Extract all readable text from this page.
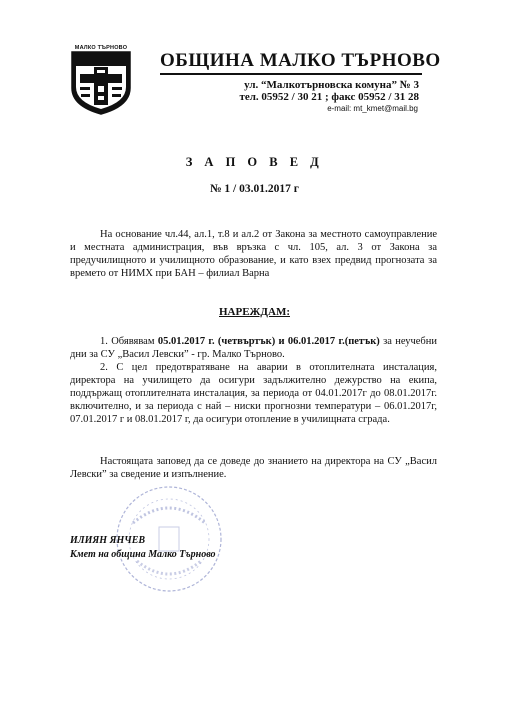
МАЛКО ТЪРНОВО
ОБЩИНА МАЛКО ТЪРНОВО
ул. “Малкотърновска комуна” № 3
тел. 05952 / 30 21 ; факс 05952 / 31 28
e-mail: mt_kmet@mail.bg
З А П О В Е Д
№ 1 / 03.01.2017 г
На основание чл.44, ал.1, т.8 и ал.2 от Закона за местното самоуправление и местната администрация, във връзка с чл. 105, ал. 3 от Закона за предучилищното и училищното образование, и като взех предвид прогнозата за времето от НИМХ при БАН – филиал Варна
НАРЕЖДАМ:
1. Обявявам 05.01.2017 г. (четвъртък) и 06.01.2017 г.(петък) за неучебни дни за СУ „Васил Левски” - гр. Малко Търново.
2. С цел предотвратяване на аварии в отоплителната инсталация, директора на училището да осигури задължително дежурство на екипа, поддържащ отоплителната инсталация, за периода от 04.01.2017г до 08.01.2017г. включително, и за периода с най – ниски прогнозни температури – 06.01.2017г, 07.01.2017 г и 08.01.2017 г, да осигури отопление в училищната сграда.
Настоящата заповед да се доведе до знанието на директора на СУ „Васил Левски” за сведение и изпълнение.
ИЛИЯН ЯНЧЕВ
Кмет на община Малко Търново
